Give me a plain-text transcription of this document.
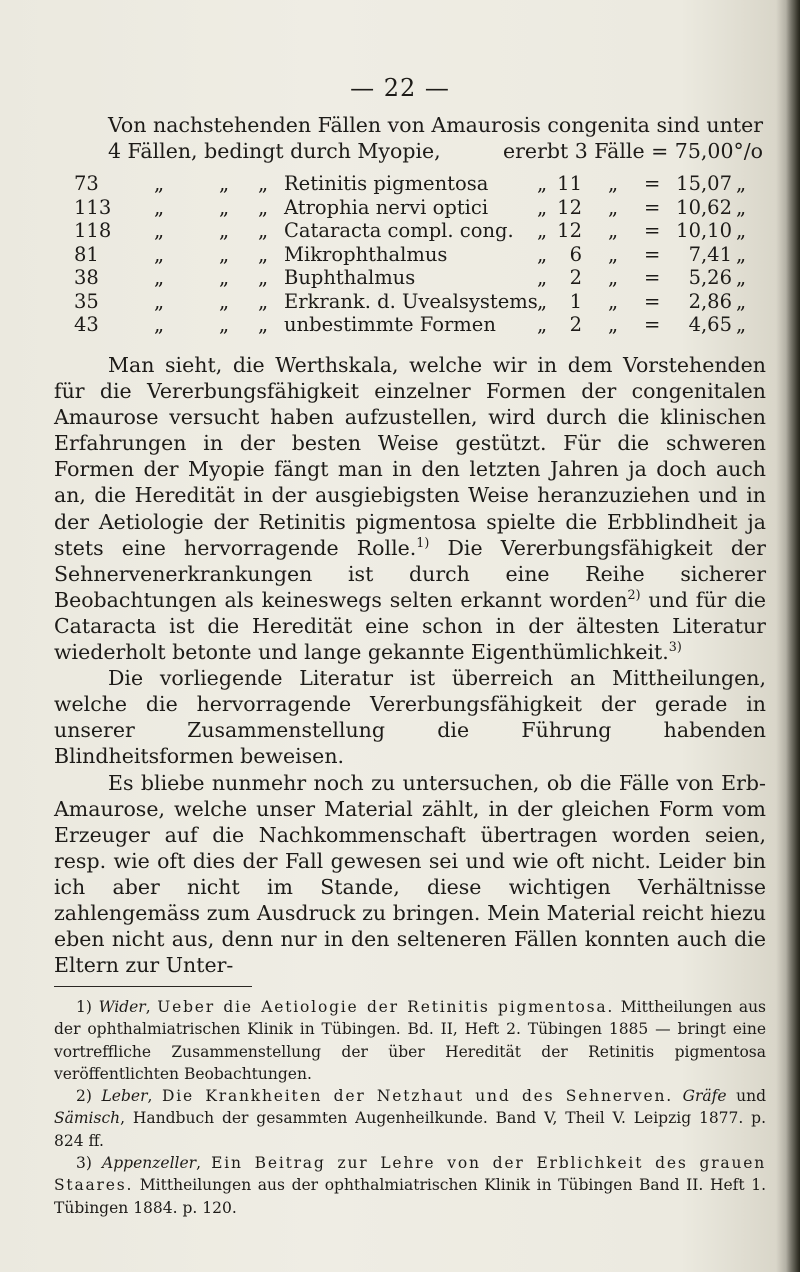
— 22 —
Von nachstehenden Fällen von Amaurosis congenita sind unter
4 Fällen, bedingt durch Myopie,	ererbt 3 Fälle = 75,00°/o
73	„	„ „ Retinitis pigmentosa „ 11 „ = 15,07 „
113 „	„ „ Atrophia nervi optici	„ 12 „ = 10,62 „
118 „	„ „ Cataracta compl. cong. „ 12 „ = 10,10 „
81	„	„ „ Mikrophthalmus	„	6 „ =	7,41 „
38	„	„ „ Buphthalmus	„	2 „ =	5,26 „
35	„	„ „ Erkrank. d. Uvealsystems „	1 „ =	2,86 „
43	„	„ „ unbestimmte Formen „	2 „ =	4,65 „

Man sieht, die Werthskala, welche wir in dem Vorstehenden für die Vererbungsfähigkeit einzelner Formen der congenitalen Amaurose versucht haben aufzustellen, wird durch die klinischen Erfahrungen in der besten Weise gestützt. Für die schweren Formen der Myopie fängt man in den letzten Jahren ja doch auch an, die Heredität in der ausgiebigsten Weise heranzuziehen und in der Aetiologie der Retinitis pigmentosa spielte die Erbblindheit ja stets eine hervorragende Rolle.$^{1)}$ Die Vererbungsfähigkeit der Sehnervenerkrankungen ist durch eine Reihe sicherer Beobachtungen als keineswegs selten erkannt worden$^{2)}$ und für die Cataracta ist die Heredität eine schon in der ältesten Literatur wiederholt betonte und lange gekannte Eigenthümlichkeit.$^{3)}$

Die vorliegende Literatur ist überreich an Mittheilungen, welche die hervorragende Vererbungsfähigkeit der gerade in unserer Zusammenstellung die Führung habenden Blindheitsformen beweisen.

Es bliebe nunmehr noch zu untersuchen, ob die Fälle von Erb-Amaurose, welche unser Material zählt, in der gleichen Form vom Erzeuger auf die Nachkommenschaft übertragen worden seien, resp. wie oft dies der Fall gewesen sei und wie oft nicht. Leider bin ich aber nicht im Stande, diese wichtigen Verhältnisse zahlengemäss zum Ausdruck zu bringen. Mein Material reicht hiezu eben nicht aus, denn nur in den selteneren Fällen konnten auch die Eltern zur Unter-

1) Wider, Ueber die Aetiologie der Retinitis pigmentosa. Mittheilungen aus der ophthalmiatrischen Klinik in Tübingen. Bd. II, Heft 2. Tübingen 1885 — bringt eine vortreffliche Zusammenstellung der über Heredität der Retinitis pigmentosa veröffentlichten Beobachtungen.

2) Leber, Die Krankheiten der Netzhaut und des Sehnerven. Gräfe und Sämisch, Handbuch der gesammten Augenheilkunde. Band V, Theil V. Leipzig 1877. p. 824 ff.

3) Appenzeller, Ein Beitrag zur Lehre von der Erblichkeit des grauen Staares. Mittheilungen aus der ophthalmiatrischen Klinik in Tübingen Band II. Heft 1. Tübingen 1884. p. 120.
